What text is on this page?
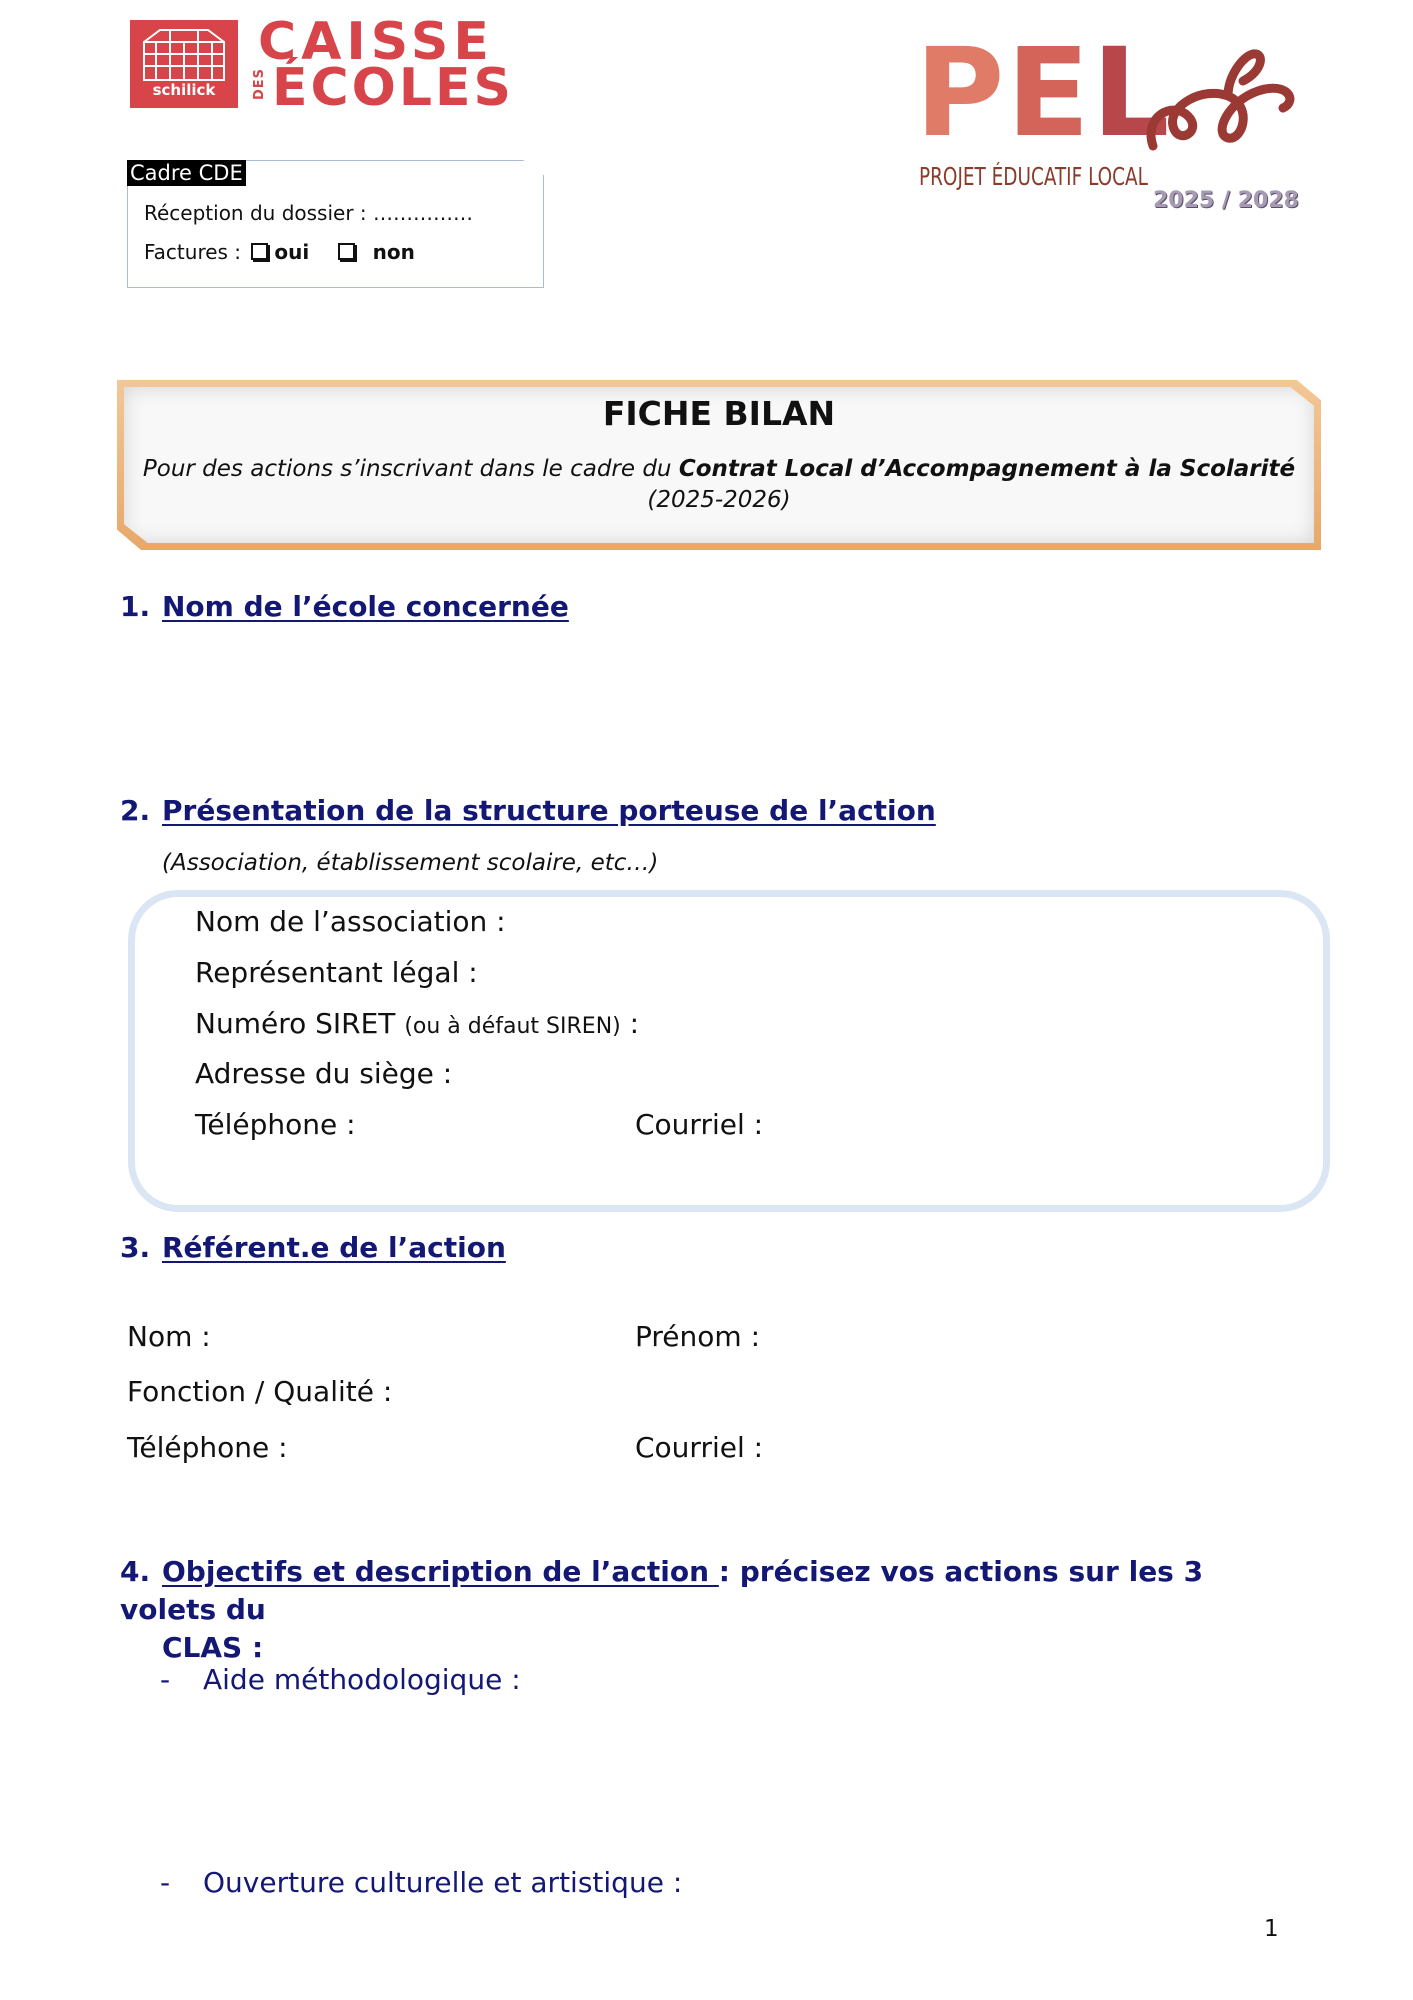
schilick
CAISSE
DES ÉCOLES	PEL
PROJET ÉDUCATIF LOCAL
2025 / 2028
Cadre CDE
Réception du dossier : ……………
Factures : oui	non
FICHE BILAN
Pour des actions s’inscrivant dans le cadre du Contrat Local d’Accompagnement à la Scolarité
(2025-2026)
1. Nom de l’école concernée
2. Présentation de la structure porteuse de l’action
(Association, établissement scolaire, etc…)
Nom de l’association :
Représentant légal :
Numéro SIRET (ou à défaut SIREN) :
Adresse du siège :
Téléphone :	Courriel :
3. Référent.e de l’action
Nom :	Prénom :
Fonction / Qualité :
Téléphone :	Courriel :
4. Objectifs et description de l’action : précisez vos actions sur les 3 volets du
CLAS :
- Aide méthodologique :
- Ouverture culturelle et artistique :
1
